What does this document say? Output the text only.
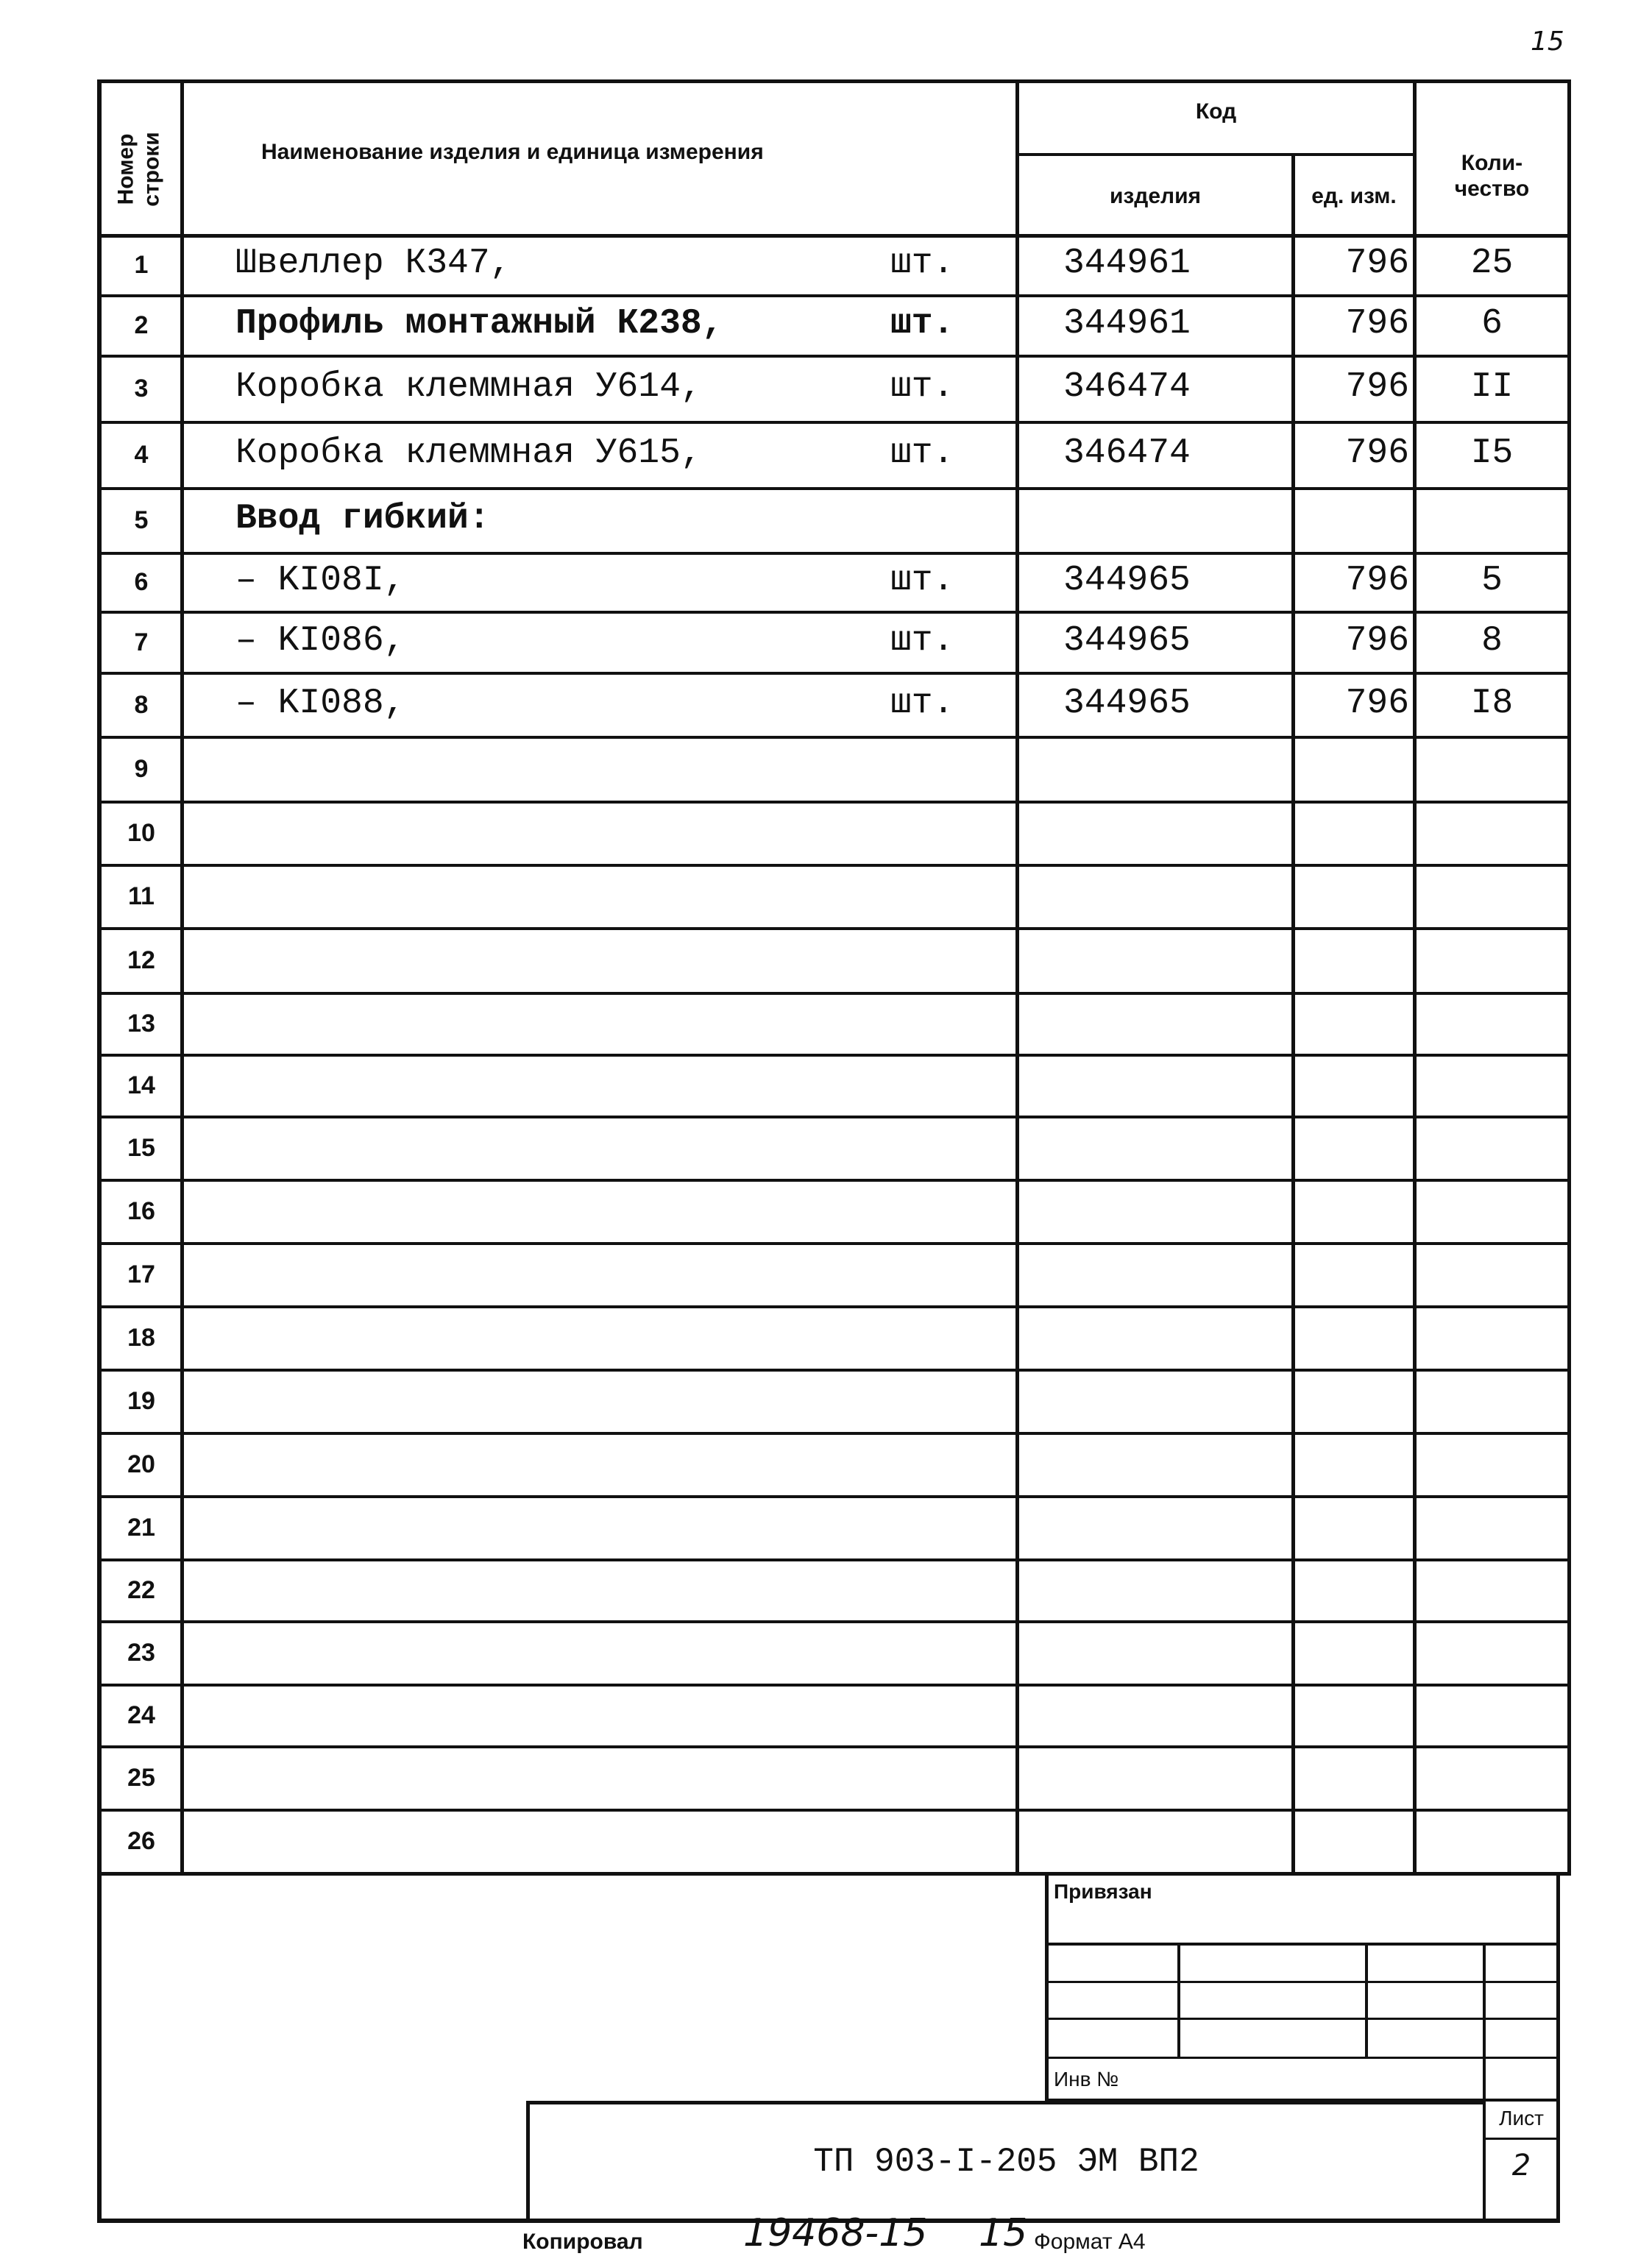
15
Номер строки	Наименование изделия и единица измерения
Код
изделия	ед. изм.
Коли-
чество
1	Швеллер К347,	шт.	344961	796	25
2	Профиль монтажный К238,	шт.	344961	796	6
3	Коробка клеммная У614,	шт.	346474	796	II
4	Коробка клеммная У615,	шт.	346474	796	I5
5	Ввод гибкий:
6	– KI08I,	шт.	344965	796	5
7	– KI086,	шт.	344965	796	8
8	– KI088,	шт.	344965	796	I8
9
10
11
12
13
14
15
16
17
18
19
20
21
22
23
24
25
26
Привязан
Инв №
ТП 903-I-205 ЭМ ВП2
Лист
2
Копировал	19468-15 15 Формат А4
